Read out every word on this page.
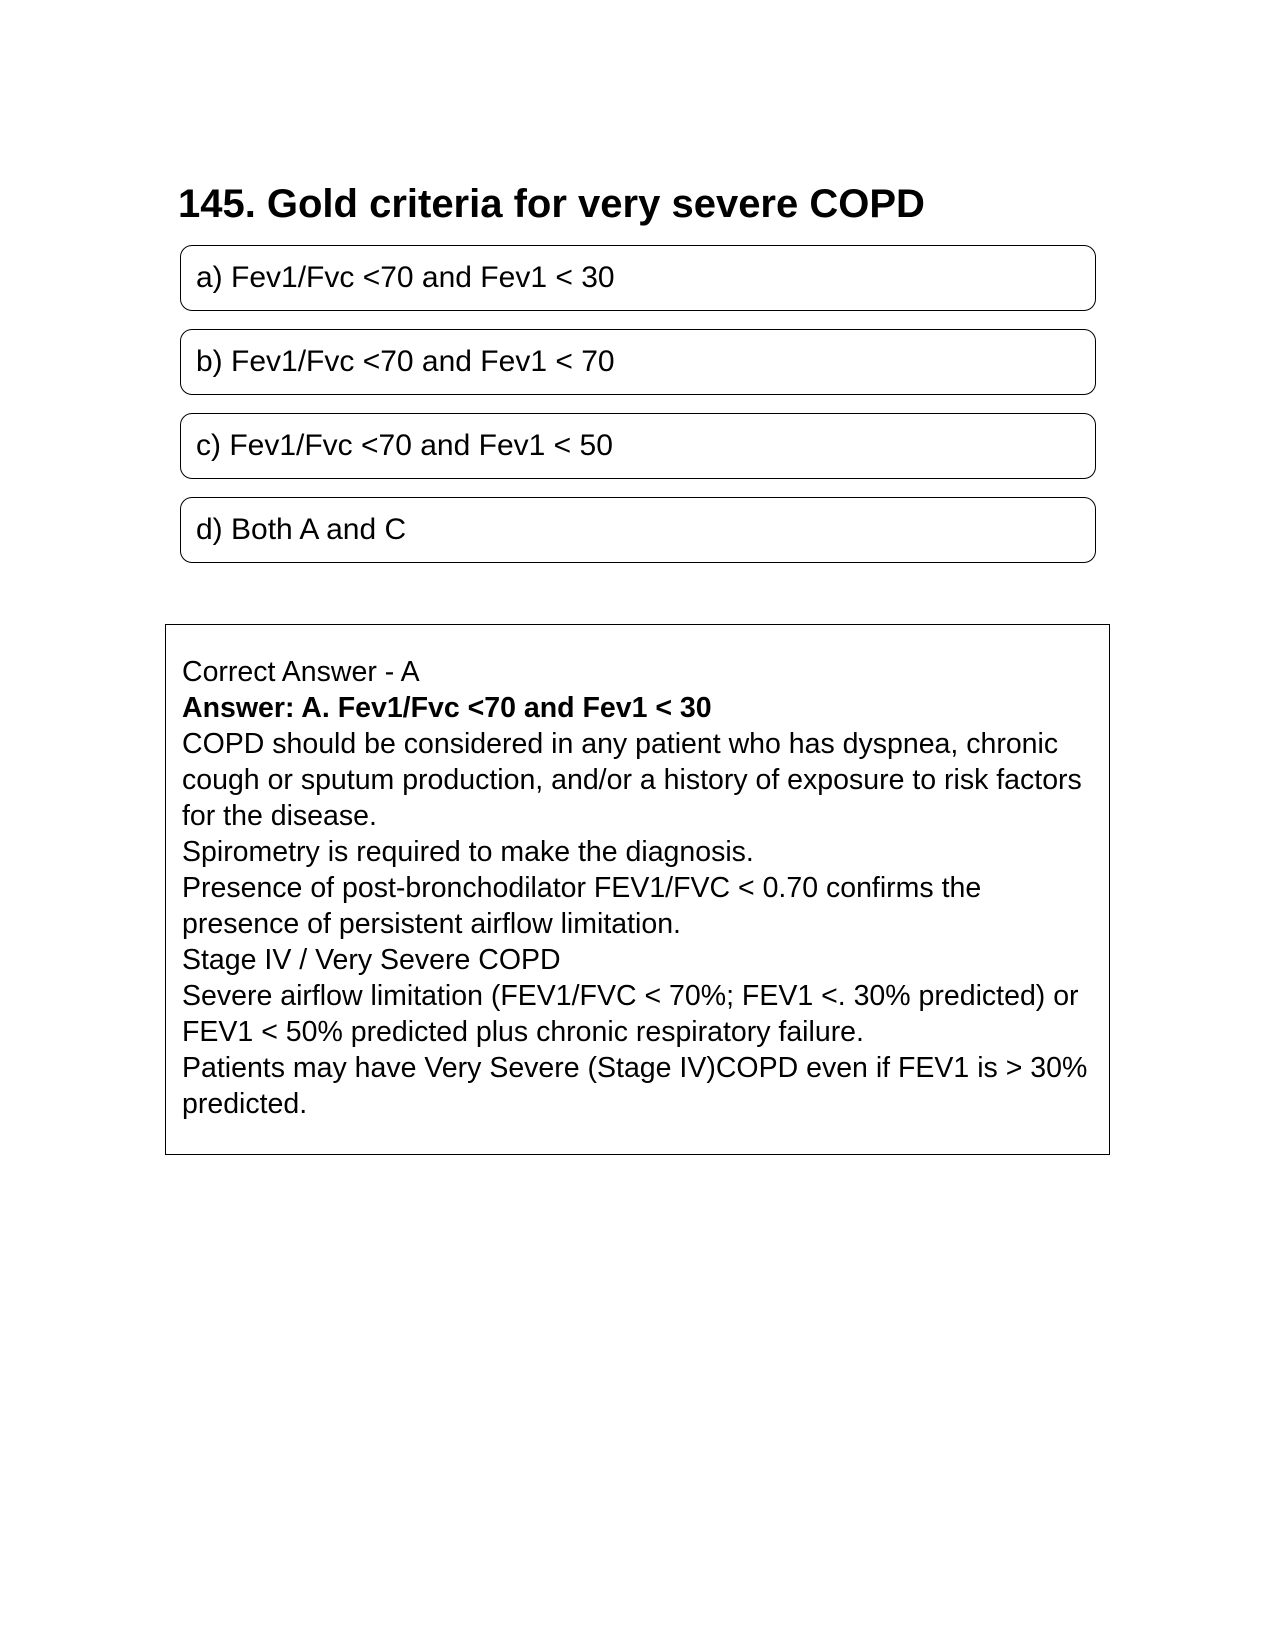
145. Gold criteria for very severe COPD
a) Fev1/Fvc <70 and Fev1 < 30
b) Fev1/Fvc <70 and Fev1 < 70
c) Fev1/Fvc <70 and Fev1 < 50
d) Both A and C

Correct Answer - A

Answer: A. Fev1/Fvc <70 and Fev1 < 30

COPD should be considered in any patient who has dyspnea, chronic cough or sputum production, and/or a history of exposure to risk factors for the disease.

Spirometry is required to make the diagnosis.

Presence of post-bronchodilator FEV1/FVC < 0.70 confirms the presence of persistent airflow limitation.

Stage IV / Very Severe COPD

Severe airflow limitation (FEV1/FVC < 70%; FEV1 <. 30% predicted) or FEV1 < 50% predicted plus chronic respiratory failure.

Patients may have Very Severe (Stage IV)COPD even if FEV1 is > 30% predicted.
